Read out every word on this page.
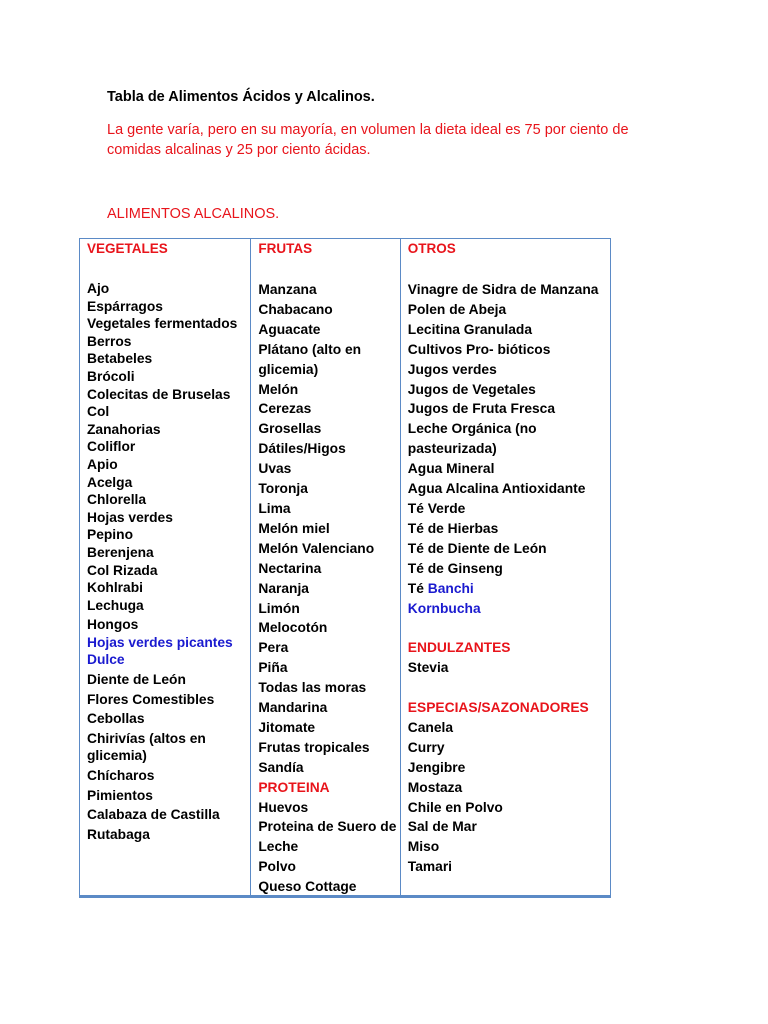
Tabla de Alimentos Ácidos y Alcalinos.

La gente varía, pero en su mayoría, en volumen la dieta ideal es 75 por ciento de comidas alcalinas y 25 por ciento ácidas.

ALIMENTOS ALCALINOS.

VEGETALES
Ajo
Espárragos
Vegetales fermentados
Berros
Betabeles
Brócoli
Colecitas de Bruselas
Col
Zanahorias
Coliflor
Apio
Acelga
Chlorella
Hojas verdes
Pepino
Berenjena
Col Rizada
Kohlrabi
Lechuga
Hongos
Hojas verdes picantes
Dulce
Diente de León
Flores Comestibles
Cebollas
Chirivías (altos en glicemia)
Chícharos
Pimientos
Calabaza de Castilla
Rutabaga
FRUTAS
Manzana
Chabacano
Aguacate
Plátano (alto en glicemia)
Melón
Cerezas
Grosellas
Dátiles/Higos
Uvas
Toronja
Lima
Melón miel
Melón Valenciano
Nectarina
Naranja
Limón
Melocotón
Pera
Piña
Todas las moras
Mandarina
Jitomate
Frutas tropicales
Sandía
PROTEINA
Huevos
Proteina de Suero de Leche
Polvo
Queso Cottage
OTROS
Vinagre de Sidra de Manzana
Polen de Abeja
Lecitina Granulada
Cultivos Pro- bióticos
Jugos verdes
Jugos de Vegetales
Jugos de Fruta Fresca
Leche Orgánica (no pasteurizada)
Agua Mineral
Agua Alcalina Antioxidante
Té Verde
Té de Hierbas
Té de Diente de León
Té de Ginseng
Té Banchi
Kornbucha
ENDULZANTES
Stevia
ESPECIAS/SAZONADORES
Canela
Curry
Jengibre
Mostaza
Chile en Polvo
Sal de Mar
Miso
Tamari
